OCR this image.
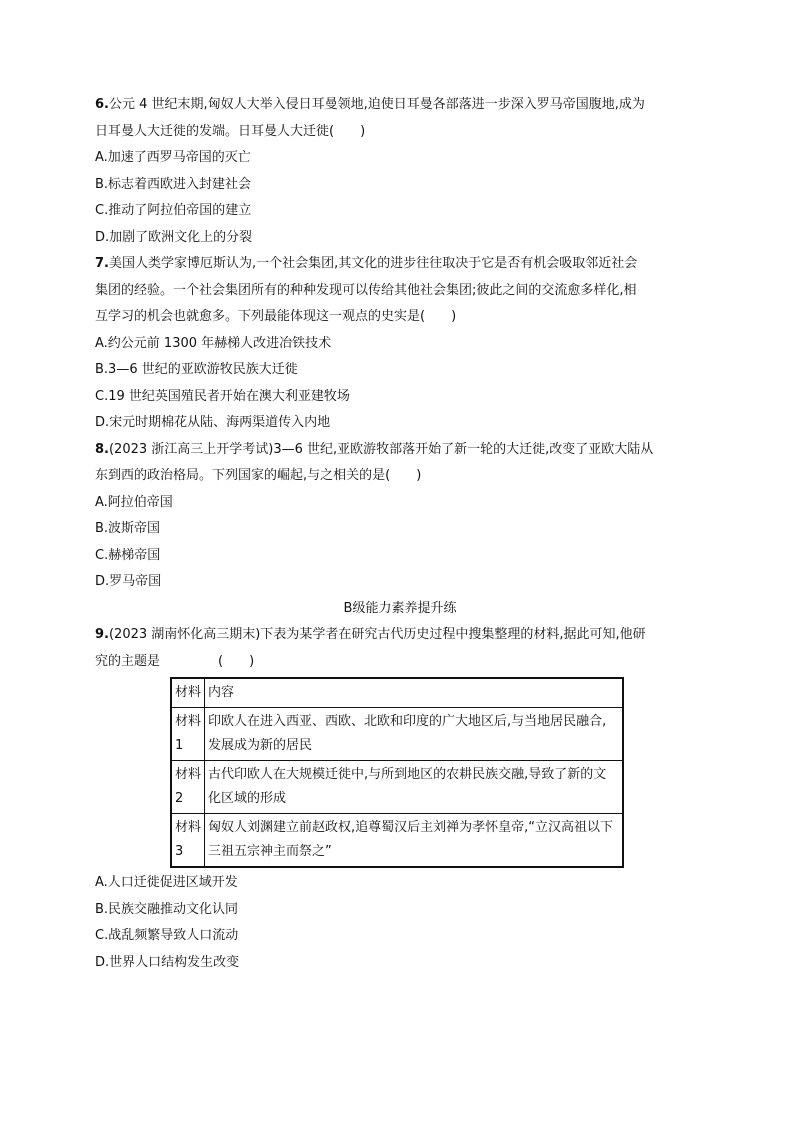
6.公元 4 世纪末期,匈奴人大举入侵日耳曼领地,迫使日耳曼各部落进一步深入罗马帝国腹地,成为
日耳曼人大迁徙的发端。日耳曼人大迁徙(　　)
A.加速了西罗马帝国的灭亡
B.标志着西欧进入封建社会
C.推动了阿拉伯帝国的建立
D.加剧了欧洲文化上的分裂
7.美国人类学家博厄斯认为,一个社会集团,其文化的进步往往取决于它是否有机会吸取邻近社会
集团的经验。一个社会集团所有的种种发现可以传给其他社会集团;彼此之间的交流愈多样化,相
互学习的机会也就愈多。下列最能体现这一观点的史实是(　　)
A.约公元前 1300 年赫梯人改进冶铁技术
B.3—6 世纪的亚欧游牧民族大迁徙
C.19 世纪英国殖民者开始在澳大利亚建牧场
D.宋元时期棉花从陆、海两渠道传入内地
8.(2023 浙江高三上开学考试)3—6 世纪,亚欧游牧部落开始了新一轮的大迁徙,改变了亚欧大陆从
东到西的政治格局。下列国家的崛起,与之相关的是(　　)
A.阿拉伯帝国
B.波斯帝国
C.赫梯帝国
D.罗马帝国
B级能力素养提升练
9.(2023 湖南怀化高三期末)下表为某学者在研究古代历史过程中搜集整理的材料,据此可知,他研
究的主题是	(　　)
材料	内容
材料1	印欧人在进入西亚、西欧、北欧和印度的广大地区后,与当地居民融合,发展成为新的居民
材料2	古代印欧人在大规模迁徙中,与所到地区的农耕民族交融,导致了新的文化区域的形成
材料3	匈奴人刘渊建立前赵政权,追尊蜀汉后主刘禅为孝怀皇帝,“立汉高祖以下三祖五宗神主而祭之”
A.人口迁徙促进区域开发
B.民族交融推动文化认同
C.战乱频繁导致人口流动
D.世界人口结构发生改变
